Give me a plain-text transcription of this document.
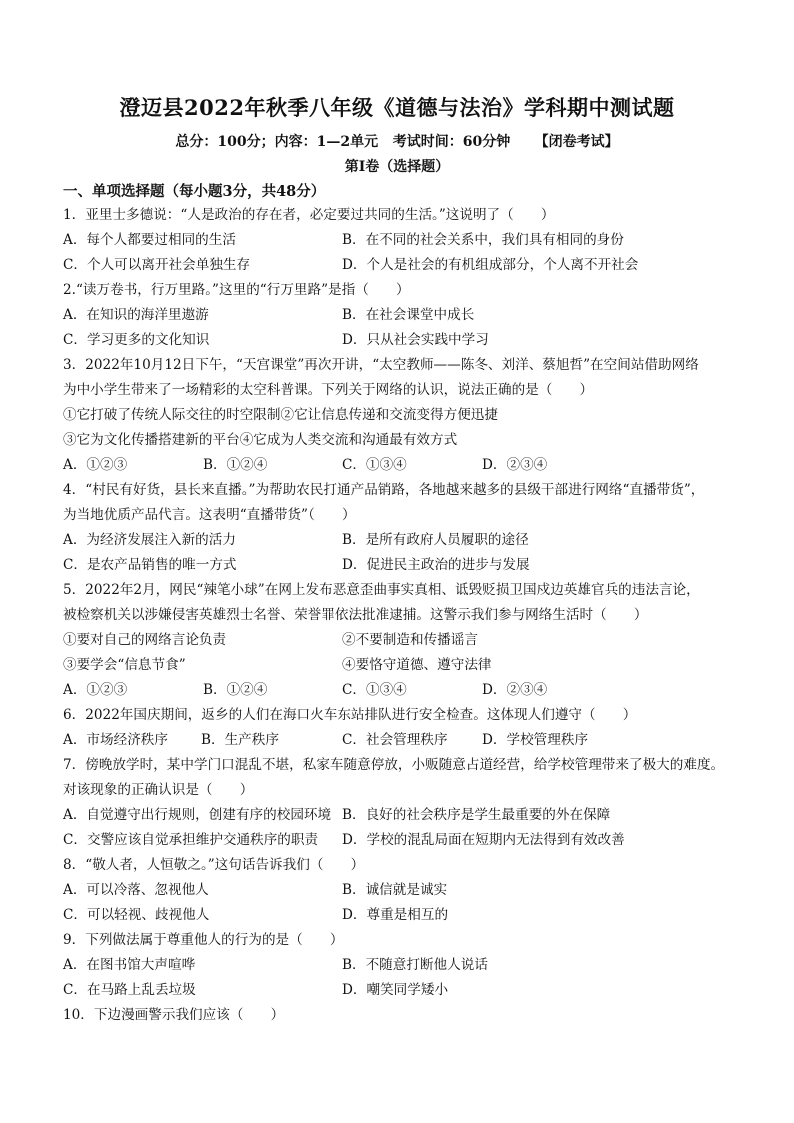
澄迈县2022年秋季八年级《道德与法治》学科期中测试题
总分：100分；内容：1—2单元   考试时间：60分钟     【闭卷考试】
第Ⅰ卷（选择题）
一、单项选择题（每小题3分，共48分）
1．亚里士多德说：“人是政治的存在者，必定要过共同的生活。”这说明了（　　）
A．每个人都要过相同的生活	B．在不同的社会关系中，我们具有相同的身份
C．个人可以离开社会单独生存	D．个人是社会的有机组成部分，个人离不开社会
2.“读万卷书，行万里路。”这里的“行万里路”是指（　　）
A．在知识的海洋里遨游	B．在社会课堂中成长
C．学习更多的文化知识	D．只从社会实践中学习
3．2022年10月12日下午，“天宫课堂”再次开讲，“太空教师——陈冬、刘洋、蔡旭哲”在空间站借助网络
为中小学生带来了一场精彩的太空科普课。下列关于网络的认识，说法正确的是（　　）
①它打破了传统人际交往的时空限制②它让信息传递和交流变得方便迅捷
③它为文化传播搭建新的平台④它成为人类交流和沟通最有效方式
A．①②③	B．①②④	C．①③④	D．②③④
4．“村民有好货，县长来直播。”为帮助农民打通产品销路，各地越来越多的县级干部进行网络“直播带货”，
为当地优质产品代言。这表明“直播带货”（　　）
A．为经济发展注入新的活力	B．是所有政府人员履职的途径
C．是农产品销售的唯一方式	D．促进民主政治的进步与发展
5．2022年2月，网民“辣笔小球”在网上发布恶意歪曲事实真相、诋毁贬损卫国戍边英雄官兵的违法言论，
被检察机关以涉嫌侵害英雄烈士名誉、荣誉罪依法批准逮捕。这警示我们参与网络生活时（　　）
①要对自己的网络言论负责	②不要制造和传播谣言
③要学会“信息节食”	④要恪守道德、遵守法律
A．①②③	B．①②④	C．①③④	D．②③④
6．2022年国庆期间，返乡的人们在海口火车东站排队进行安全检查。这体现人们遵守（　　）
A．市场经济秩序 B．生产秩序	C．社会管理秩序	D．学校管理秩序
7．傍晚放学时，某中学门口混乱不堪，私家车随意停放，小贩随意占道经营，给学校管理带来了极大的难度。
对该现象的正确认识是（　　）
A．自觉遵守出行规则，创建有序的校园环境 B．良好的社会秩序是学生最重要的外在保障
C．交警应该自觉承担维护交通秩序的职责 D．学校的混乱局面在短期内无法得到有效改善
8．“敬人者，人恒敬之。”这句话告诉我们（　　）
A．可以冷落、忽视他人	B．诚信就是诚实
C．可以轻视、歧视他人	D．尊重是相互的
9．下列做法属于尊重他人的行为的是（　　）
A．在图书馆大声喧哗	B．不随意打断他人说话
C．在马路上乱丢垃圾	D．嘲笑同学矮小
10．下边漫画警示我们应该（　　）
